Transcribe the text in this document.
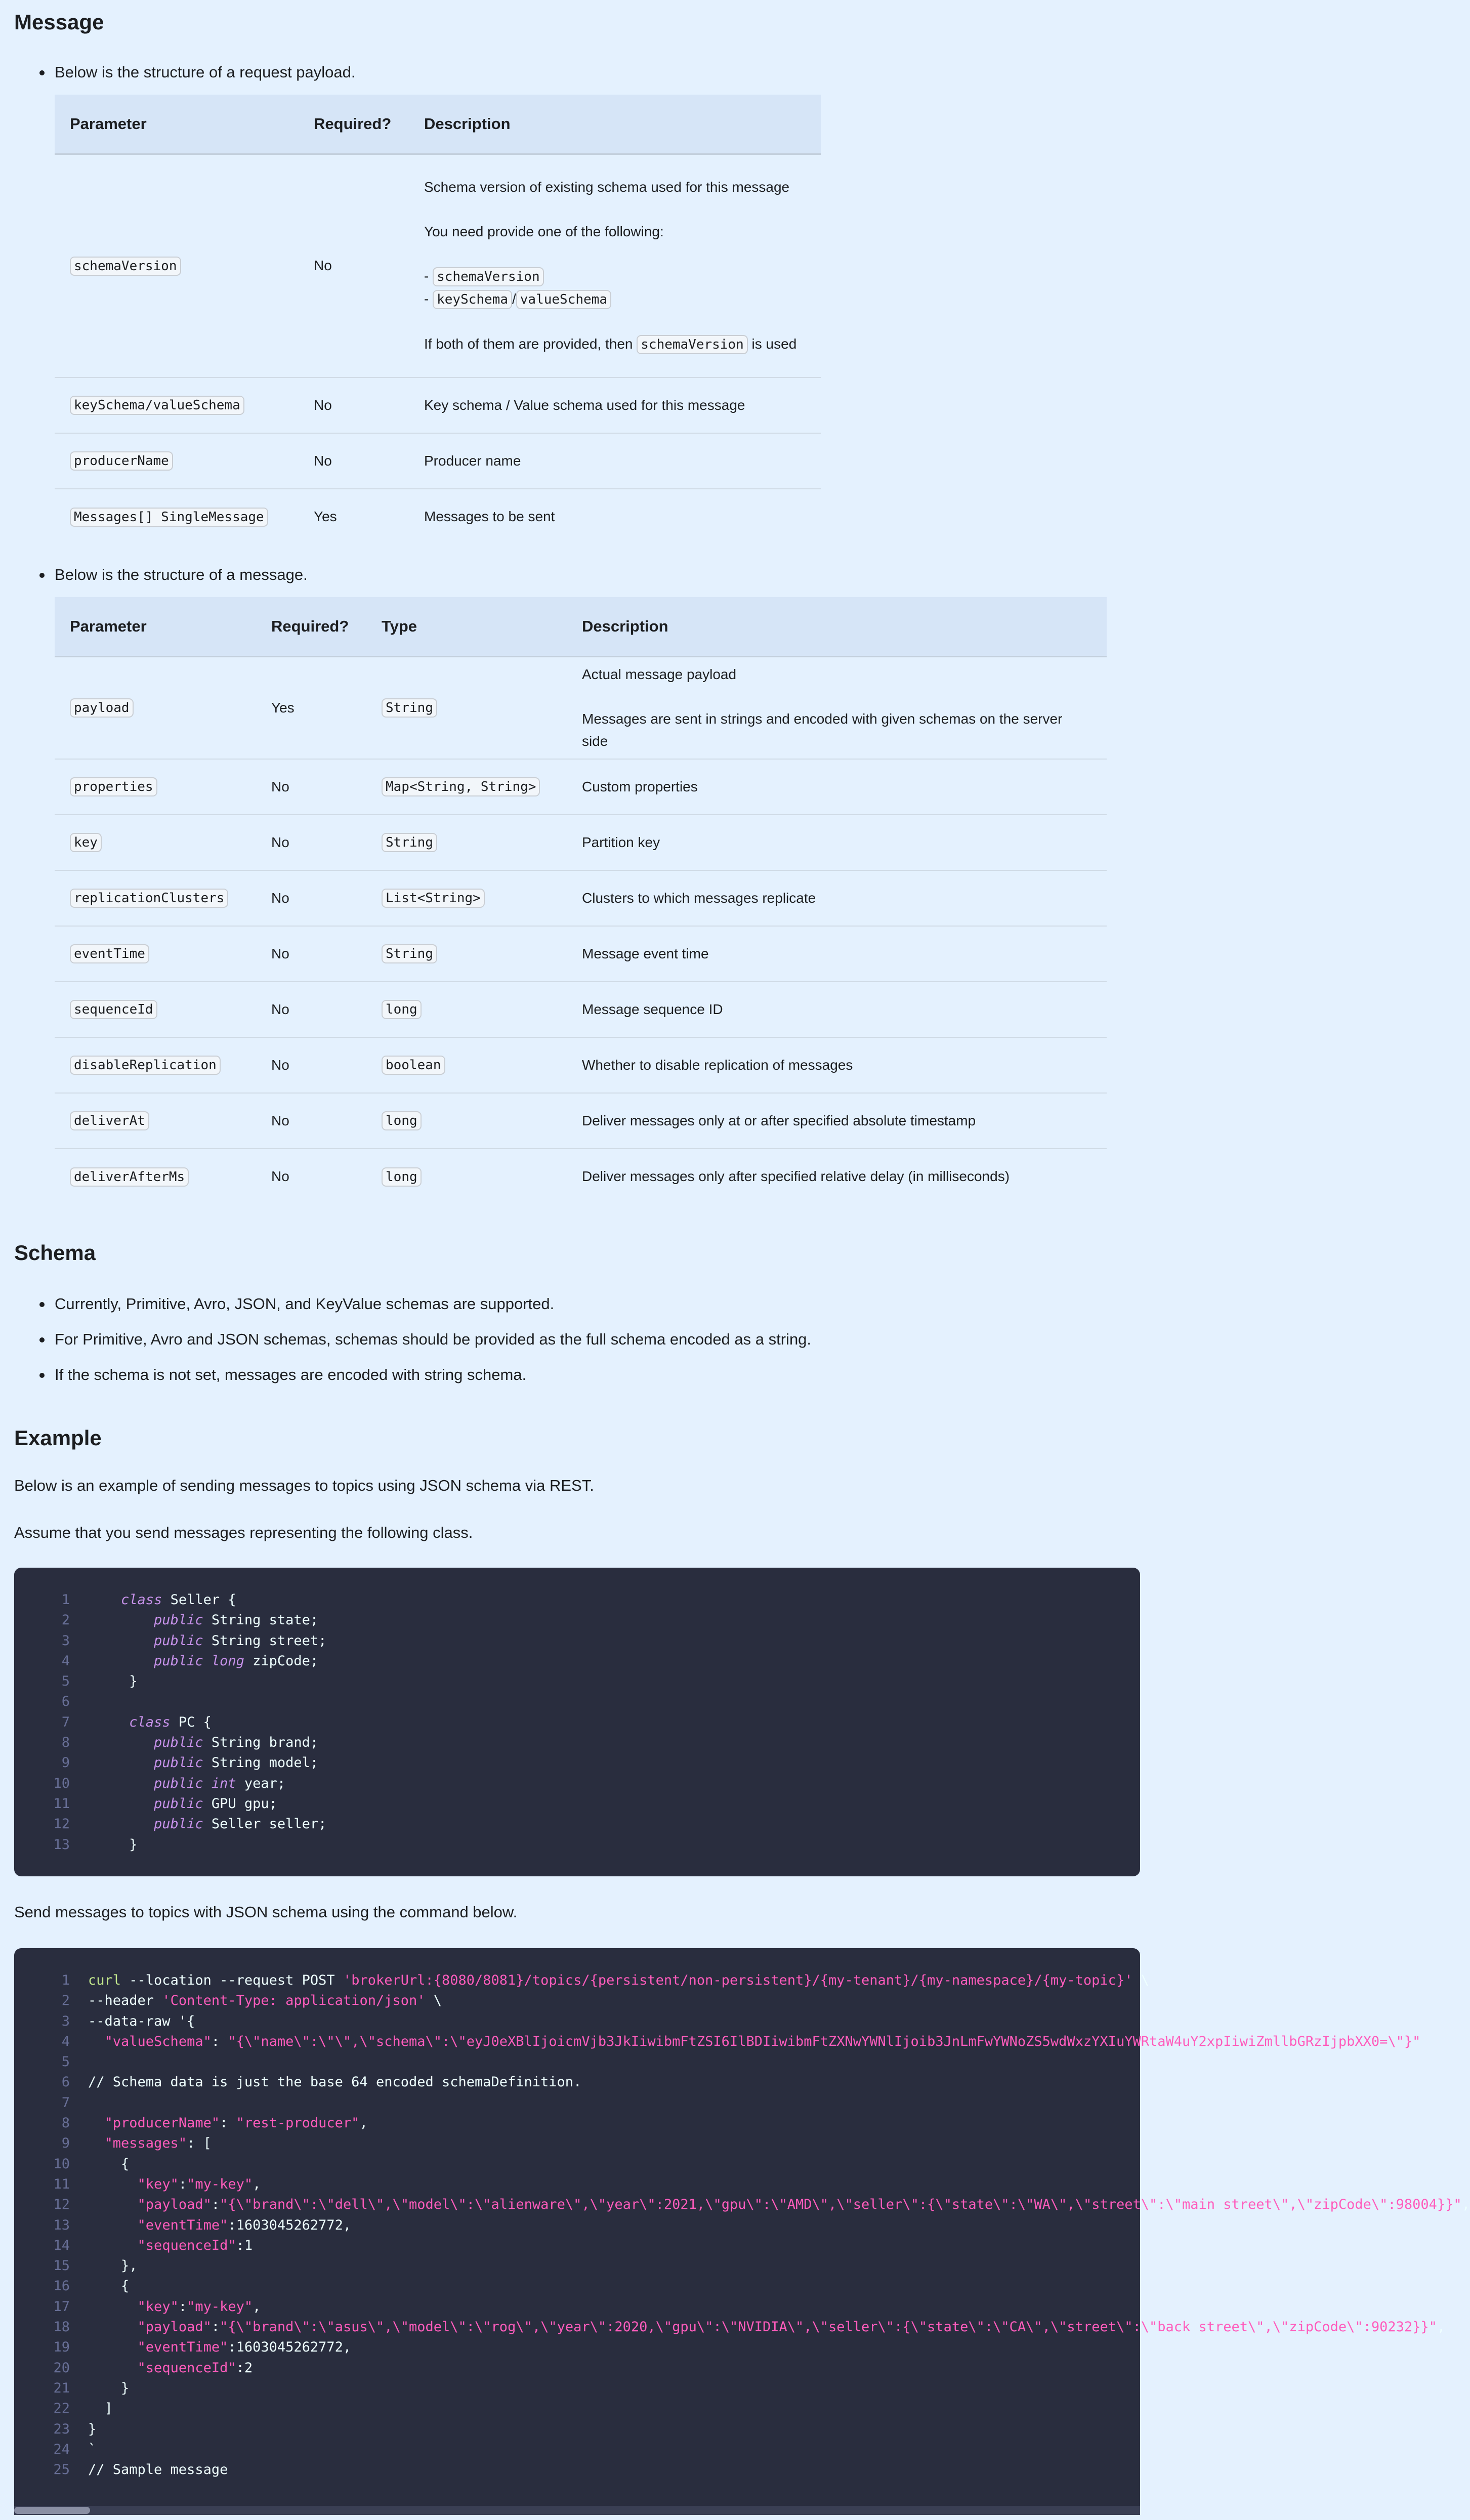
Message
Below is the structure of a request payload.
Parameter	Required?	Description
schemaVersion	No	Schema version of existing schema used for this message
You need provide one of the following:
- schemaVersion
- keySchema / valueSchema
If both of them are provided, then schemaVersion is used

keySchema/valueSchema	No	Key schema / Value schema used for this message
producerName	No	Producer name
Messages[] SingleMessage	Yes	Messages to be sent
Below is the structure of a message.
Parameter	Required?	Type	Description
payload	Yes	String	Actual message payload
Messages are sent in strings and encoded with given schemas on the server side

properties	No	Map<String, String>	Custom properties
key	No	String	Partition key
replicationClusters	No	List<String>	Clusters to which messages replicate
eventTime	No	String	Message event time
sequenceId	No	long	Message sequence ID
disableReplication	No	boolean	Whether to disable replication of messages
deliverAt	No	long	Deliver messages only at or after specified absolute timestamp
deliverAfterMs	No	long	Deliver messages only after specified relative delay (in milliseconds)
Schema
Currently, Primitive, Avro, JSON, and KeyValue schemas are supported.
For Primitive, Avro and JSON schemas, schemas should be provided as the full schema encoded as a string.
If the schema is not set, messages are encoded with string schema.
Example

Below is an example of sending messages to topics using JSON schema via REST.

Assume that you send messages representing the following class.

1	class Seller {
2	public String state;
3	public String street;
4	public long zipCode;
5     }
6
7	class PC {
8	public String brand;
9	public String model;
10	public int year;
11	public GPU gpu;
12	public Seller seller;
13     }

Send messages to topics with JSON schema using the command below.

1 curl --location --request POST 'brokerUrl:{8080/8081}/topics/{persistent/non-persistent}/{my-tenant}/{my-namespace}/{my-topic}' \
2 --header 'Content-Type: application/json' \
3 --data-raw '{
4	"valueSchema": "{\"name\":\"\",\"schema\":\"eyJ0eXBlIjoicmVjb3JkIiwibmFtZSI6IlBDIiwibmFtZXNwYWNlIjoib3JnLmFwYWNoZS5wdWxzYXIuYWRtaW4uY2xpIiwiZmllbGRzIjpbXX0=\"}"
5
6 // Schema data is just the base 64 encoded schemaDefinition.
7
8	"producerName": "rest-producer",
9	"messages": [
10    {
11	"key":"my-key",
12	"payload":"{\"brand\":\"dell\",\"model\":\"alienware\",\"year\":2021,\"gpu\":\"AMD\",\"seller\":{\"state\":\"WA\",\"street\":\"main street\",\"zipCode\":98004}}",
13	"eventTime":1603045262772,
14	"sequenceId":1
15    },
16    {
17	"key":"my-key",
18	"payload":"{\"brand\":\"asus\",\"model\":\"rog\",\"year\":2020,\"gpu\":\"NVIDIA\",\"seller\":{\"state\":\"CA\",\"street\":\"back street\",\"zipCode\":90232}}",
19	"eventTime":1603045262772,
20	"sequenceId":2
21    }
22  ]
23 }
24 `
25 // Sample message
